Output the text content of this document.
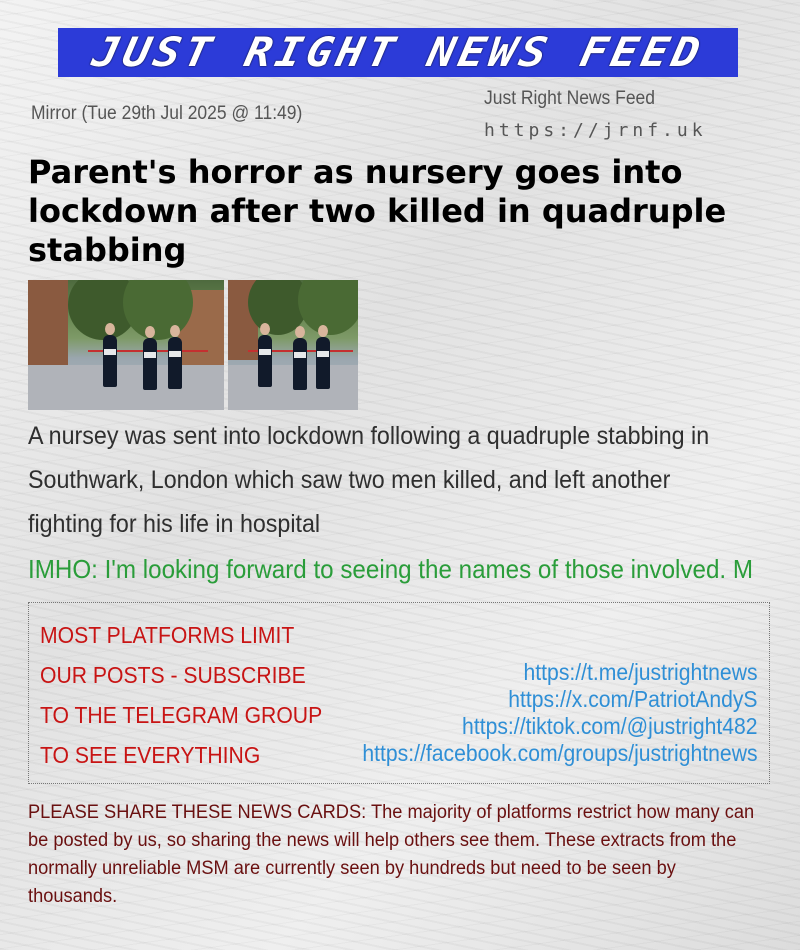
JUST RIGHT NEWS FEED
Mirror (Tue 29th Jul 2025 @ 11:49)
Just Right News Feed
https://jrnf.uk
Parent's horror as nursery goes into lockdown after two killed in quadruple stabbing

A nursey was sent into lockdown following a quadruple stabbing in Southwark, London which saw two men killed, and left another fighting for his life in hospital

IMHO: I'm looking forward to seeing the names of those involved. M
MOST PLATFORMS LIMIT
OUR POSTS - SUBSCRIBE
TO THE TELEGRAM GROUP
TO SEE EVERYTHING
https://t.me/justrightnews
https://x.com/PatriotAndyS
https://tiktok.com/@justright482
https://facebook.com/groups/justrightnews

PLEASE SHARE THESE NEWS CARDS: The majority of platforms restrict how many can be posted by us, so sharing the news will help others see them. These extracts from the normally unreliable MSM are currently seen by hundreds but need to be seen by thousands.
